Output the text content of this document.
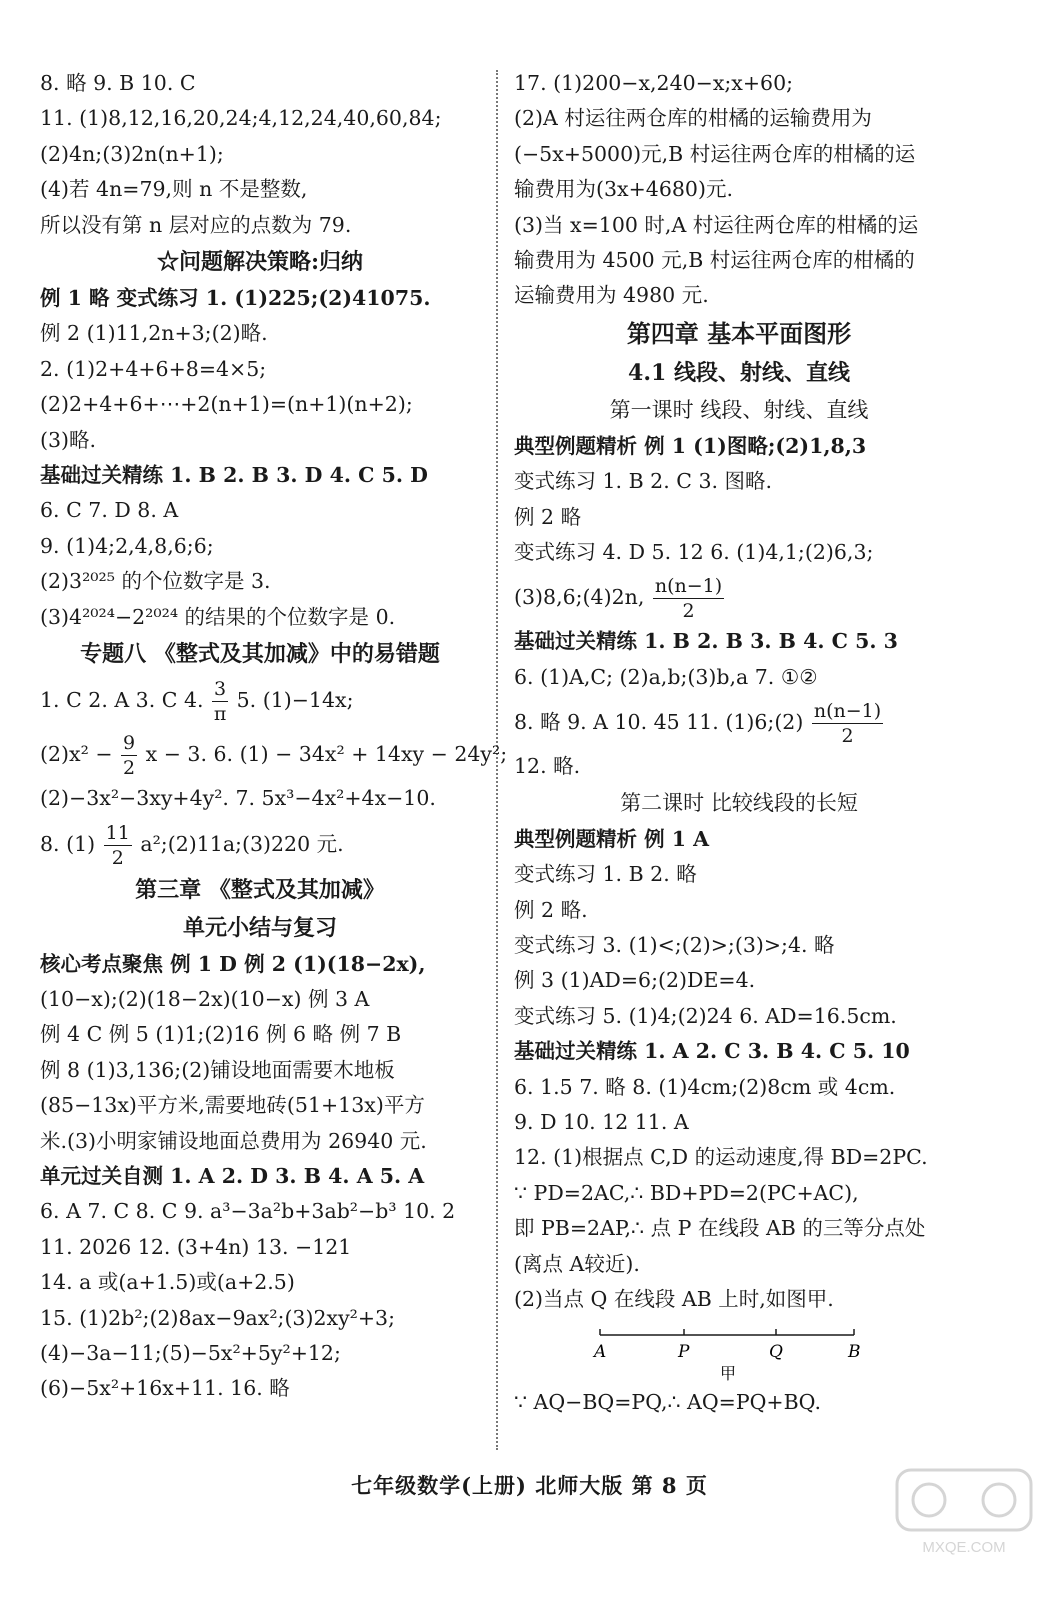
8. 略 9. B 10. C
11. (1)8,12,16,20,24;4,12,24,40,60,84;
(2)4n;(3)2n(n+1);
(4)若 4n=79,则 n 不是整数,
所以没有第 n 层对应的点数为 79.
☆问题解决策略:归纳
例 1 略 变式练习 1. (1)225;(2)41075.
例 2 (1)11,2n+3;(2)略.
2. (1)2+4+6+8=4×5;
(2)2+4+6+⋯+2(n+1)=(n+1)(n+2);
(3)略.
基础过关精练 1. B 2. B 3. D 4. C 5. D
6. C 7. D 8. A
9. (1)4;2,4,8,6;6;
(2)3²⁰²⁵ 的个位数字是 3.
(3)4²⁰²⁴−2²⁰²⁴ 的结果的个位数字是 0.
专题八 《整式及其加减》中的易错题
1. C 2. A 3. C 4. $\frac{3}{\pi} 5$. (1)−14x;
$(2)x^2 - \frac{9}{2}$ x − 3. 6. (1) − 34x² + 14xy − 24y²;
(2)−3x²−3xy+4y². 7. 5x³−4x²+4x−10.
8. $(1) \frac{11}{2}$ a²;(2)11a;(3)220 元.
第三章 《整式及其加减》
单元小结与复习
核心考点聚焦 例 1 D 例 2 (1)(18−2x),
(10−x);(2)(18−2x)(10−x) 例 3 A
例 4 C 例 5 (1)1;(2)16 例 6 略 例 7 B
例 8 (1)3,136;(2)铺设地面需要木地板
(85−13x)平方米,需要地砖(51+13x)平方
米.(3)小明家铺设地面总费用为 26940 元.
单元过关自测 1. A 2. D 3. B 4. A 5. A
6. A 7. C 8. C 9. a³−3a²b+3ab²−b³ 10. 2
11. 2026 12. (3+4n) 13. −121
14. a 或(a+1.5)或(a+2.5)
15. (1)2b²;(2)8ax−9ax²;(3)2xy²+3;
(4)−3a−11;(5)−5x²+5y²+12;
(6)−5x²+16x+11. 16. 略
17. (1)200−x,240−x;x+60;
(2)A 村运往两仓库的柑橘的运输费用为
(−5x+5000)元,B 村运往两仓库的柑橘的运
输费用为(3x+4680)元.
(3)当 x=100 时,A 村运往两仓库的柑橘的运
输费用为 4500 元,B 村运往两仓库的柑橘的
运输费用为 4980 元.
第四章 基本平面图形
4.1 线段、射线、直线
第一课时 线段、射线、直线
典型例题精析 例 1 (1)图略;(2)1,8,3
变式练习 1. B 2. C 3. 图略.
例 2 略
变式练习 4. D 5. 12 6. (1)4,1;(2)6,3;
(3)8,6;(4)2n, $\frac{n(n-1)}{2}$
基础过关精练 1. B 2. B 3. B 4. C 5. 3
6. (1)A,C; (2)a,b;(3)b,a 7. ①②
8. 略 9. A 10. 45 11. (1)6;(2) $\frac{n(n-1)}{2}$
12. 略.
第二课时 比较线段的长短
典型例题精析 例 1 A
变式练习 1. B 2. 略
例 2 略.
变式练习 3. (1)<;(2)>;(3)>;4. 略
例 3 (1)AD=6;(2)DE=4.
变式练习 5. (1)4;(2)24 6. AD=16.5cm.
基础过关精练 1. A 2. C 3. B 4. C 5. 10
6. 1.5 7. 略 8. (1)4cm;(2)8cm 或 4cm.
9. D 10. 12 11. A
12. (1)根据点 C,D 的运动速度,得 BD=2PC.
∵ PD=2AC,∴ BD+PD=2(PC+AC),
即 PB=2AP,∴ 点 P 在线段 AB 的三等分点处
(离点 A较近).
(2)当点 Q 在线段 AB 上时,如图甲.
A	P	Q	B
甲
∵ AQ−BQ=PQ,∴ AQ=PQ+BQ.
七年级数学(上册) 北师大版 第 8 页
MXQE.COM
